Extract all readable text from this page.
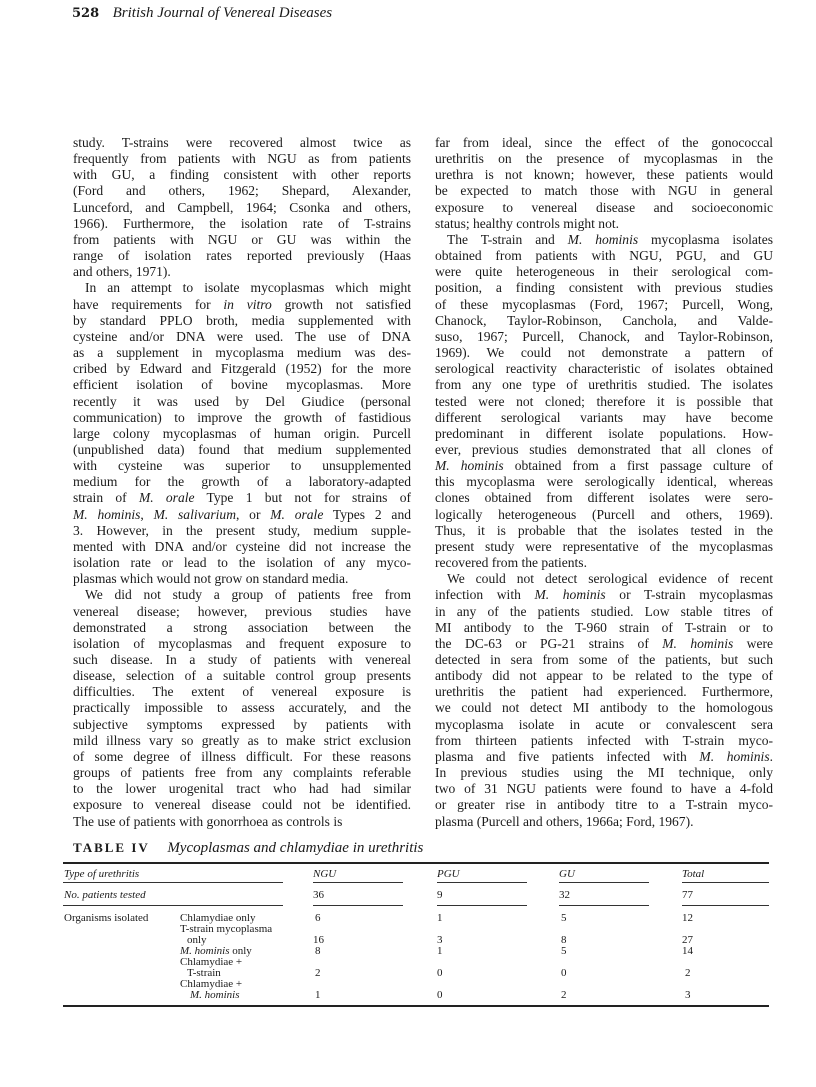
528 British Journal of Venereal Diseases
study. T-strains were recovered almost twice as
frequently from patients with NGU as from patients
with GU, a finding consistent with other reports
(Ford and others, 1962; Shepard, Alexander,
Lunceford, and Campbell, 1964; Csonka and others,
1966). Furthermore, the isolation rate of T-strains
from patients with NGU or GU was within the
range of isolation rates reported previously (Haas
and others, 1971).
In an attempt to isolate mycoplasmas which might
have requirements for in vitro growth not satisfied
by standard PPLO broth, media supplemented with
cysteine and/or DNA were used. The use of DNA
as a supplement in mycoplasma medium was des-
cribed by Edward and Fitzgerald (1952) for the more
efficient isolation of bovine mycoplasmas. More
recently it was used by Del Giudice (personal
communication) to improve the growth of fastidious
large colony mycoplasmas of human origin. Purcell
(unpublished data) found that medium supplemented
with cysteine was superior to unsupplemented
medium for the growth of a laboratory-adapted
strain of M. orale Type 1 but not for strains of
M. hominis, M. salivarium, or M. orale Types 2 and
3. However, in the present study, medium supple-
mented with DNA and/or cysteine did not increase the
isolation rate or lead to the isolation of any myco-
plasmas which would not grow on standard media.
We did not study a group of patients free from
venereal disease; however, previous studies have
demonstrated a strong association between the
isolation of mycoplasmas and frequent exposure to
such disease. In a study of patients with venereal
disease, selection of a suitable control group presents
difficulties. The extent of venereal exposure is
practically impossible to assess accurately, and the
subjective symptoms expressed by patients with
mild illness vary so greatly as to make strict exclusion
of some degree of illness difficult. For these reasons
groups of patients free from any complaints referable
to the lower urogenital tract who had had similar
exposure to venereal disease could not be identified.
The use of patients with gonorrhoea as controls is
far from ideal, since the effect of the gonococcal
urethritis on the presence of mycoplasmas in the
urethra is not known; however, these patients would
be expected to match those with NGU in general
exposure to venereal disease and socioeconomic
status; healthy controls might not.
The T-strain and M. hominis mycoplasma isolates
obtained from patients with NGU, PGU, and GU
were quite heterogeneous in their serological com-
position, a finding consistent with previous studies
of these mycoplasmas (Ford, 1967; Purcell, Wong,
Chanock, Taylor-Robinson, Canchola, and Valde-
suso, 1967; Purcell, Chanock, and Taylor-Robinson,
1969). We could not demonstrate a pattern of
serological reactivity characteristic of isolates obtained
from any one type of urethritis studied. The isolates
tested were not cloned; therefore it is possible that
different serological variants may have become
predominant in different isolate populations. How-
ever, previous studies demonstrated that all clones of
M. hominis obtained from a first passage culture of
this mycoplasma were serologically identical, whereas
clones obtained from different isolates were sero-
logically heterogeneous (Purcell and others, 1969).
Thus, it is probable that the isolates tested in the
present study were representative of the mycoplasmas
recovered from the patients.
We could not detect serological evidence of recent
infection with M. hominis or T-strain mycoplasmas
in any of the patients studied. Low stable titres of
MI antibody to the T-960 strain of T-strain or to
the DC-63 or PG-21 strains of M. hominis were
detected in sera from some of the patients, but such
antibody did not appear to be related to the type of
urethritis the patient had experienced. Furthermore,
we could not detect MI antibody to the homologous
mycoplasma isolate in acute or convalescent sera
from thirteen patients infected with T-strain myco-
plasma and five patients infected with M. hominis.
In previous studies using the MI technique, only
two of 31 NGU patients were found to have a 4-fold
or greater rise in antibody titre to a T-strain myco-
plasma (Purcell and others, 1966a; Ford, 1967).
TABLE IV Mycoplasmas and chlamydiae in urethritis
Type of urethritis	NGU	PGU	GU	Total
No. patients tested	36	9	32	77
Organisms isolated	Chlamydiae only	6	1	5	12
T-strain mycoplasma
only	16	3	8	27
M. hominis only	8	1	5	14
Chlamydiae +
T-strain	2	0	0	2
Chlamydiae +
M. hominis	1	0	2	3
